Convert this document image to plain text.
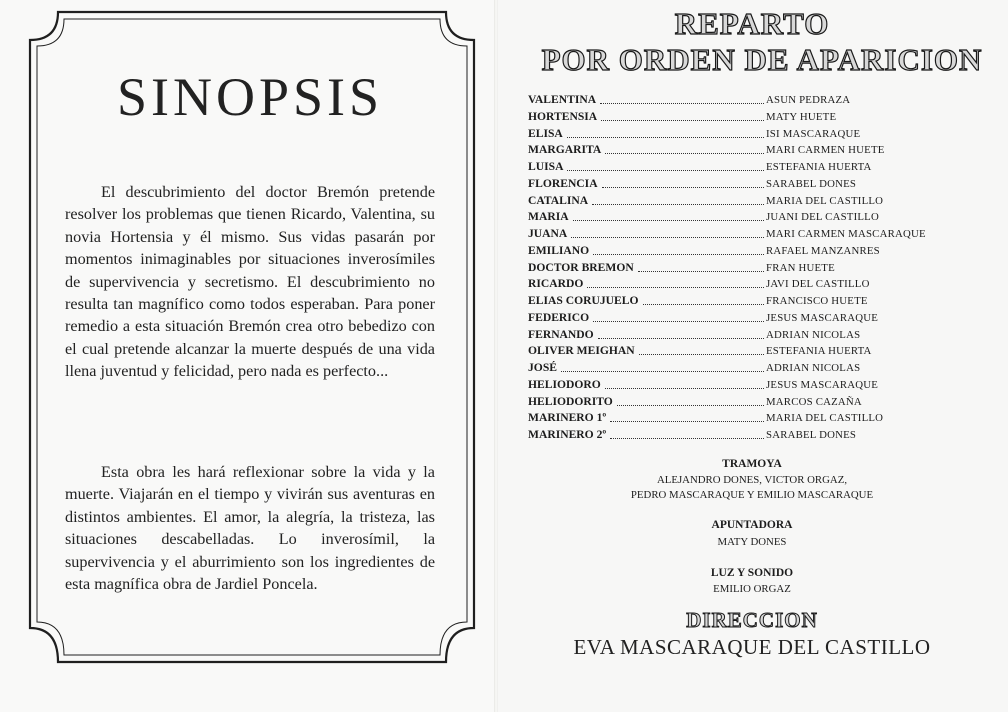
SINOPSIS

El descubrimiento del doctor Bremón pretende resolver los problemas que tienen Ricardo, Valentina, su novia Hortensia y él mismo. Sus vidas pasarán por momentos inimaginables por situaciones inverosímiles de supervivencia y secretismo. El descubrimiento no resulta tan magnífico como todos esperaban. Para poner remedio a esta situación Bremón crea otro bebedizo con el cual pretende alcanzar la muerte después de una vida llena juventud y felicidad, pero nada es perfecto...

Esta obra les hará reflexionar sobre la vida y la muerte. Viajarán en el tiempo y vivirán sus aventuras en distintos ambientes. El amor, la alegría, la tristeza, las situaciones descabelladas. Lo inverosímil, la supervivencia y el aburrimiento son los ingredientes de esta magnífica obra de Jardiel Poncela.

REPARTO
POR ORDEN DE APARICION
VALENTINA	ASUN PEDRAZA
HORTENSIA	MATY HUETE
ELISA	ISI MASCARAQUE
MARGARITA	MARI CARMEN HUETE
LUISA	ESTEFANIA HUERTA
FLORENCIA	SARABEL DONES
CATALINA	MARIA DEL CASTILLO
MARIA	JUANI DEL CASTILLO
JUANA	MARI CARMEN MASCARAQUE
EMILIANO	RAFAEL MANZANRES
DOCTOR BREMON	FRAN HUETE
RICARDO	JAVI DEL CASTILLO
ELIAS CORUJUELO	FRANCISCO HUETE
FEDERICO	JESUS MASCARAQUE
FERNANDO	ADRIAN NICOLAS
OLIVER MEIGHAN	ESTEFANIA HUERTA
JOSÉ	ADRIAN NICOLAS
HELIODORO	JESUS MASCARAQUE
HELIODORITO	MARCOS CAZAÑA
MARINERO 1º	MARIA DEL CASTILLO
MARINERO 2º	SARABEL DONES

TRAMOYA

ALEJANDRO DONES, VICTOR ORGAZ,

PEDRO MASCARAQUE Y EMILIO MASCARAQUE

APUNTADORA

MATY DONES

LUZ Y SONIDO

EMILIO ORGAZ

DIRECCION

EVA MASCARAQUE DEL CASTILLO
